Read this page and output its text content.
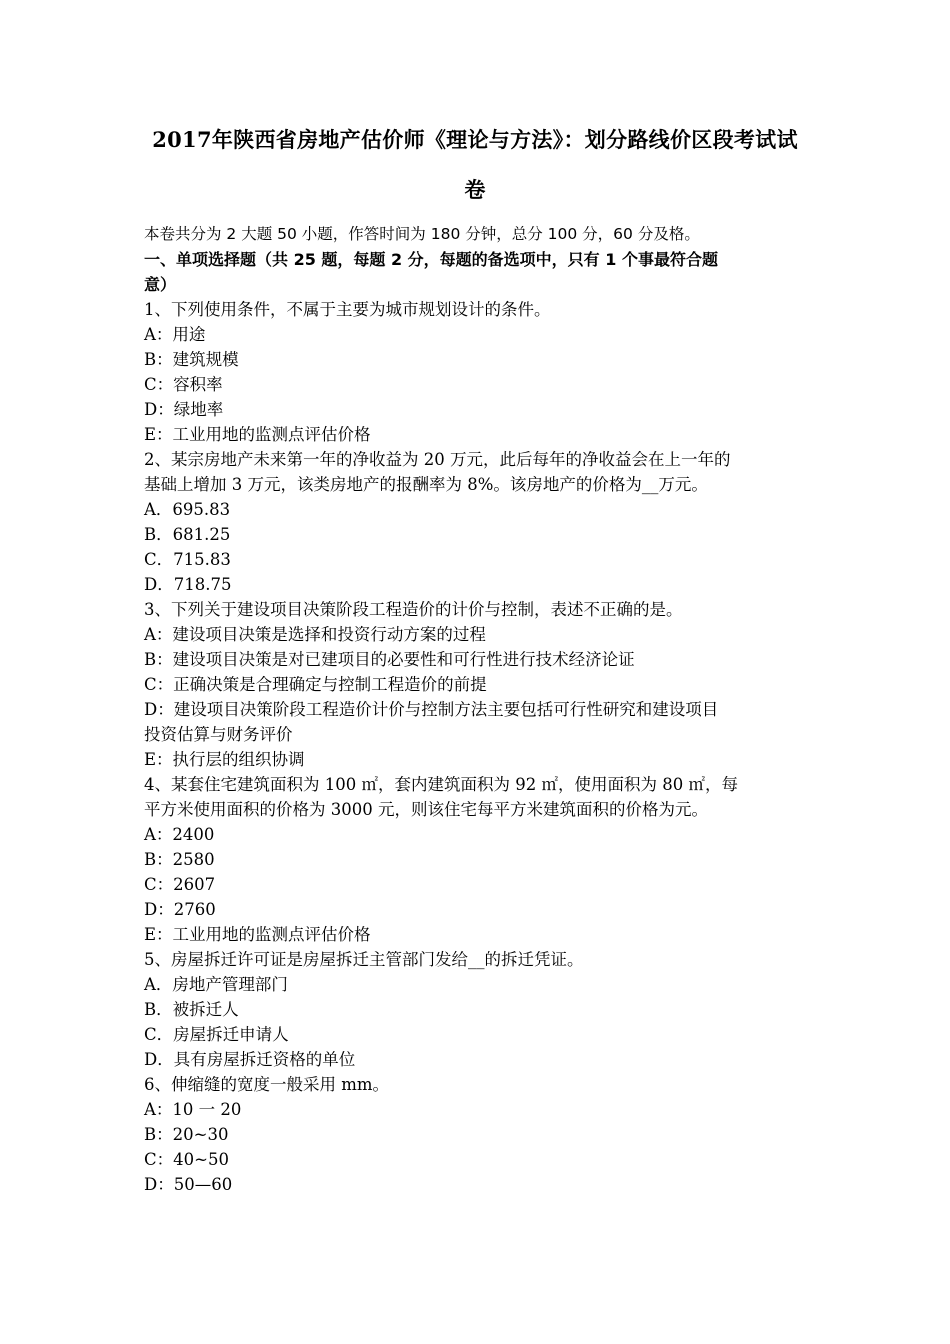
2017年陕西省房地产估价师《理论与方法》：划分路线价区段考试试
卷
本卷共分为 2 大题 50 小题，作答时间为 180 分钟，总分 100 分，60 分及格。
一、单项选择题（共 25 题，每题 2 分，每题的备选项中，只有 1 个事最符合题
意）
1、下列使用条件，不属于主要为城市规划设计的条件。
A：用途
B：建筑规模
C：容积率
D：绿地率
E：工业用地的监测点评估价格
2、某宗房地产未来第一年的净收益为 20 万元，此后每年的净收益会在上一年的
基础上增加 3 万元，该类房地产的报酬率为 8%。该房地产的价格为__万元。
A．695.83
B．681.25
C．715.83
D．718.75
3、下列关于建设项目决策阶段工程造价的计价与控制，表述不正确的是。
A：建设项目决策是选择和投资行动方案的过程
B：建设项目决策是对已建项目的必要性和可行性进行技术经济论证
C：正确决策是合理确定与控制工程造价的前提
D：建设项目决策阶段工程造价计价与控制方法主要包括可行性研究和建设项目
投资估算与财务评价
E：执行层的组织协调
4、某套住宅建筑面积为 100 ㎡，套内建筑面积为 92 ㎡，使用面积为 80 ㎡，每
平方米使用面积的价格为 3000 元，则该住宅每平方米建筑面积的价格为元。
A：2400
B：2580
C：2607
D：2760
E：工业用地的监测点评估价格
5、房屋拆迁许可证是房屋拆迁主管部门发给__的拆迁凭证。
A．房地产管理部门
B．被拆迁人
C．房屋拆迁申请人
D．具有房屋拆迁资格的单位
6、伸缩缝的宽度一般采用 mm。
A：10 一 20
B：20~30
C：40~50
D：50—60
